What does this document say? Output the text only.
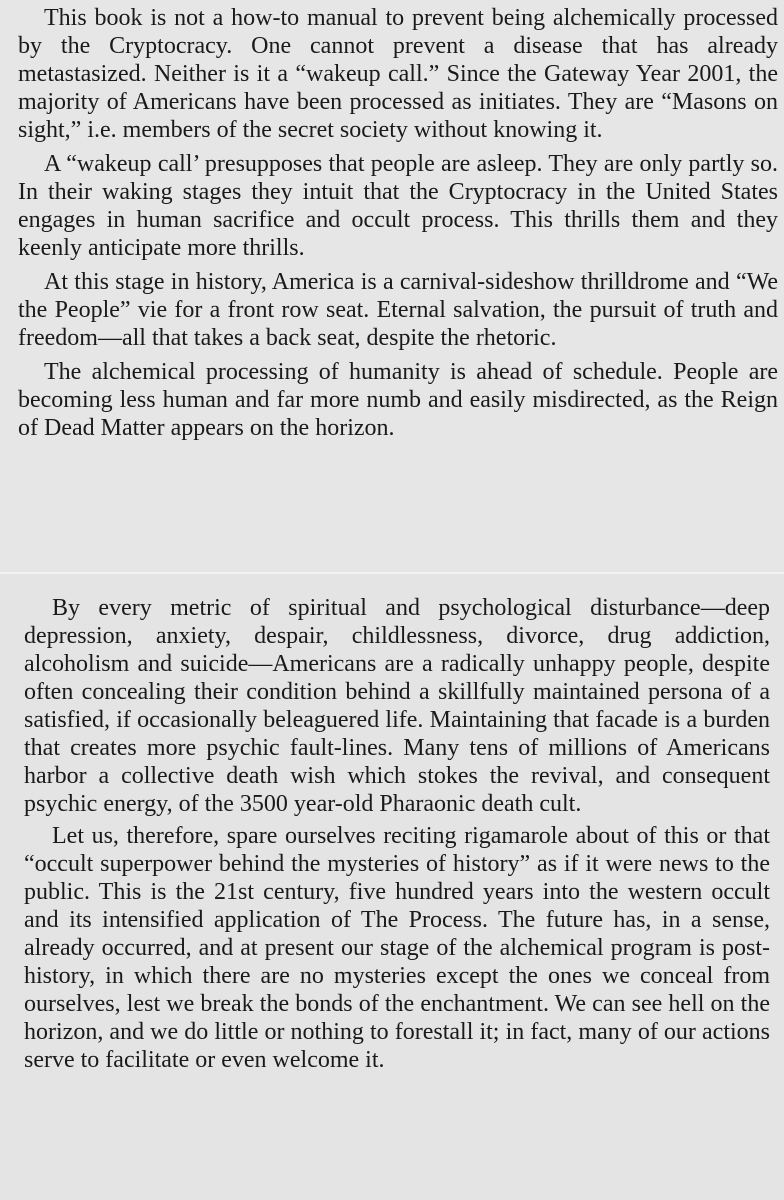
This book is not a how-to manual to prevent being alchemically processed by the Cryptocracy. One cannot prevent a disease that has already metastasized. Neither is it a “wakeup call.” Since the Gateway Year 2001, the majority of Americans have been processed as initiates. They are “Masons on sight,” i.e. members of the secret society without knowing it.

A “wakeup call’ presupposes that people are asleep. They are only partly so. In their waking stages they intuit that the Cryptocracy in the United States engages in human sacrifice and occult process. This thrills them and they keenly anticipate more thrills.

At this stage in history, America is a carnival-sideshow thrilldrome and “We the People” vie for a front row seat. Eternal salvation, the pursuit of truth and freedom—all that takes a back seat, despite the rhetoric.

The alchemical processing of humanity is ahead of schedule. People are becoming less human and far more numb and easily misdirected, as the Reign of Dead Matter appears on the horizon.

By every metric of spiritual and psychological disturbance—deep depression, anxiety, despair, childlessness, divorce, drug addiction, alcoholism and suicide—Americans are a radically unhappy people, despite often concealing their condition behind a skillfully maintained persona of a satisfied, if occasionally beleaguered life. Maintaining that facade is a burden that creates more psychic fault-lines. Many tens of millions of Americans harbor a collective death wish which stokes the revival, and consequent psychic energy, of the 3500 year-old Pharaonic death cult.

Let us, therefore, spare ourselves reciting rigamarole about of this or that “occult superpower behind the mysteries of history” as if it were news to the public. This is the 21st century, five hundred years into the western occult and its intensified application of The Process. The future has, in a sense, already occurred, and at present our stage of the alchemical program is post-history, in which there are no mysteries except the ones we conceal from ourselves, lest we break the bonds of the enchantment. We can see hell on the horizon, and we do little or nothing to forestall it; in fact, many of our actions serve to facilitate or even welcome it.
